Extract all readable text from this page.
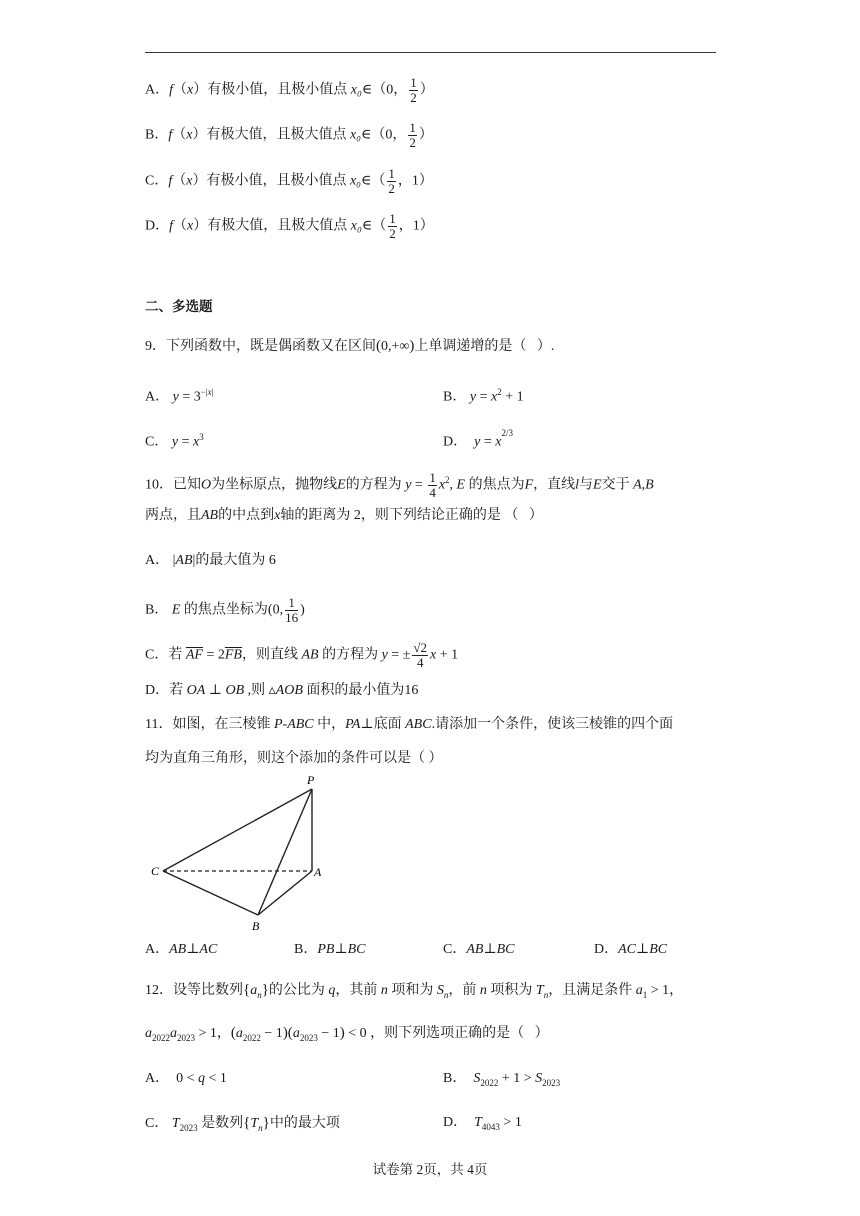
A．f（x）有极小值，且极小值点 x₀∈（0， $\frac{1}{2}$ ）
B．f（x）有极大值，且极大值点 x₀∈（0， $\frac{1}{2}$ ）
C．f（x）有极小值，且极小值点 x₀∈（ $\frac{1}{2}$ ，1）
D．f（x）有极大值，且极大值点 x₀∈（ $\frac{1}{2}$ ，1）
二、多选题
9．下列函数中，既是偶函数又在区间(0,+∞)上单调递增的是（   ）.
A． $y = 3^{-|x|}$	B． $y = x^2 + 1$
C． $y = x^3$	D．  $y = x^{2/3}$
10．已知O为坐标原点，抛物线E的方程为 $y = \frac{1}{4} x^2$, E 的焦点为F，直线l与E交于 A,B
两点，且AB的中点到x轴的距离为 2，则下列结论正确的是 （   ）
A． |AB|的最大值为 6
B． E 的焦点坐标为(0, $\frac{1}{16}$ )
C．若 $\overline{AF} = 2\overline{FB}$，则直线 AB 的方程为 y = ± $\frac{√2}{4}$ x + 1
D．若 OA ⊥ OB ,则 ▵AOB 面积的最小值为16
11．如图，在三棱锥 P-ABC 中，PA⊥底面 ABC.请添加一个条件，使该三棱锥的四个面
均为直角三角形，则这个添加的条件可以是（ ）
P
C	A
B
A．AB⊥AC	B．PB⊥BC	C．AB⊥BC	D．AC⊥BC
12．设等比数列$\{a_n\}$的公比为 q，其前 n 项和为 $S_n$，前 n 项积为 $T_n$，且满足条件 $a_1 > 1$，
$a_{2022}a_{2023} > 1$，$(a_{2022} - 1)(a_{2023} - 1) < 0$ ，则下列选项正确的是（   ）
A．  0 < q < 1	B．  $S_{2022} + 1 > S_{2023}$
C． $T_{2023}$ 是数列$\{T_n\}$中的最大项	D．  $T_{4043} > 1$
试卷第 2页，共 4页
